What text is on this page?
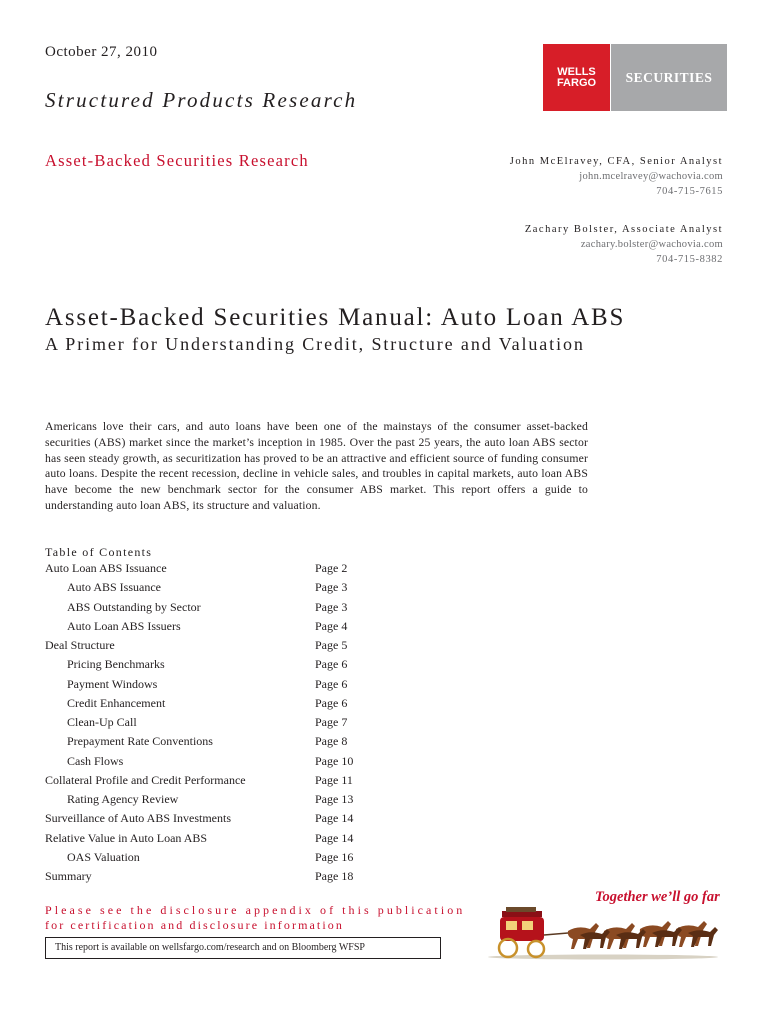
October 27, 2010
Structured Products Research
Asset-Backed Securities Research
WELLS
FARGO	SECURITIES
John McElravey, CFA, Senior Analyst
john.mcelravey@wachovia.com
704-715-7615
Zachary Bolster, Associate Analyst
zachary.bolster@wachovia.com
704-715-8382
Asset-Backed Securities Manual: Auto Loan ABS
A Primer for Understanding Credit, Structure and Valuation
Americans love their cars, and auto loans have been one of the mainstays of the consumer asset-backed securities (ABS) market since the market’s inception in 1985. Over the past 25 years, the auto loan ABS sector has seen steady growth, as securitization has proved to be an attractive and efficient source of funding consumer auto loans. Despite the recent recession, decline in vehicle sales, and troubles in capital markets, auto loan ABS have become the new benchmark sector for the consumer ABS market. This report offers a guide to understanding auto loan ABS, its structure and valuation.
Table of Contents
Auto Loan ABS Issuance	Page 2
Auto ABS Issuance	Page 3
ABS Outstanding by Sector	Page 3
Auto Loan ABS Issuers	Page 4
Deal Structure	Page 5
Pricing Benchmarks	Page 6
Payment Windows	Page 6
Credit Enhancement	Page 6
Clean-Up Call	Page 7
Prepayment Rate Conventions	Page 8
Cash Flows	Page 10
Collateral Profile and Credit Performance	Page 11
Rating Agency Review	Page 13
Surveillance of Auto ABS Investments	Page 14
Relative Value in Auto Loan ABS	Page 14
OAS Valuation	Page 16
Summary	Page 18
Please see the disclosure appendix of this publication
for certification and disclosure information
This report is available on wellsfargo.com/research and on Bloomberg WFSP
Together we’ll go far
